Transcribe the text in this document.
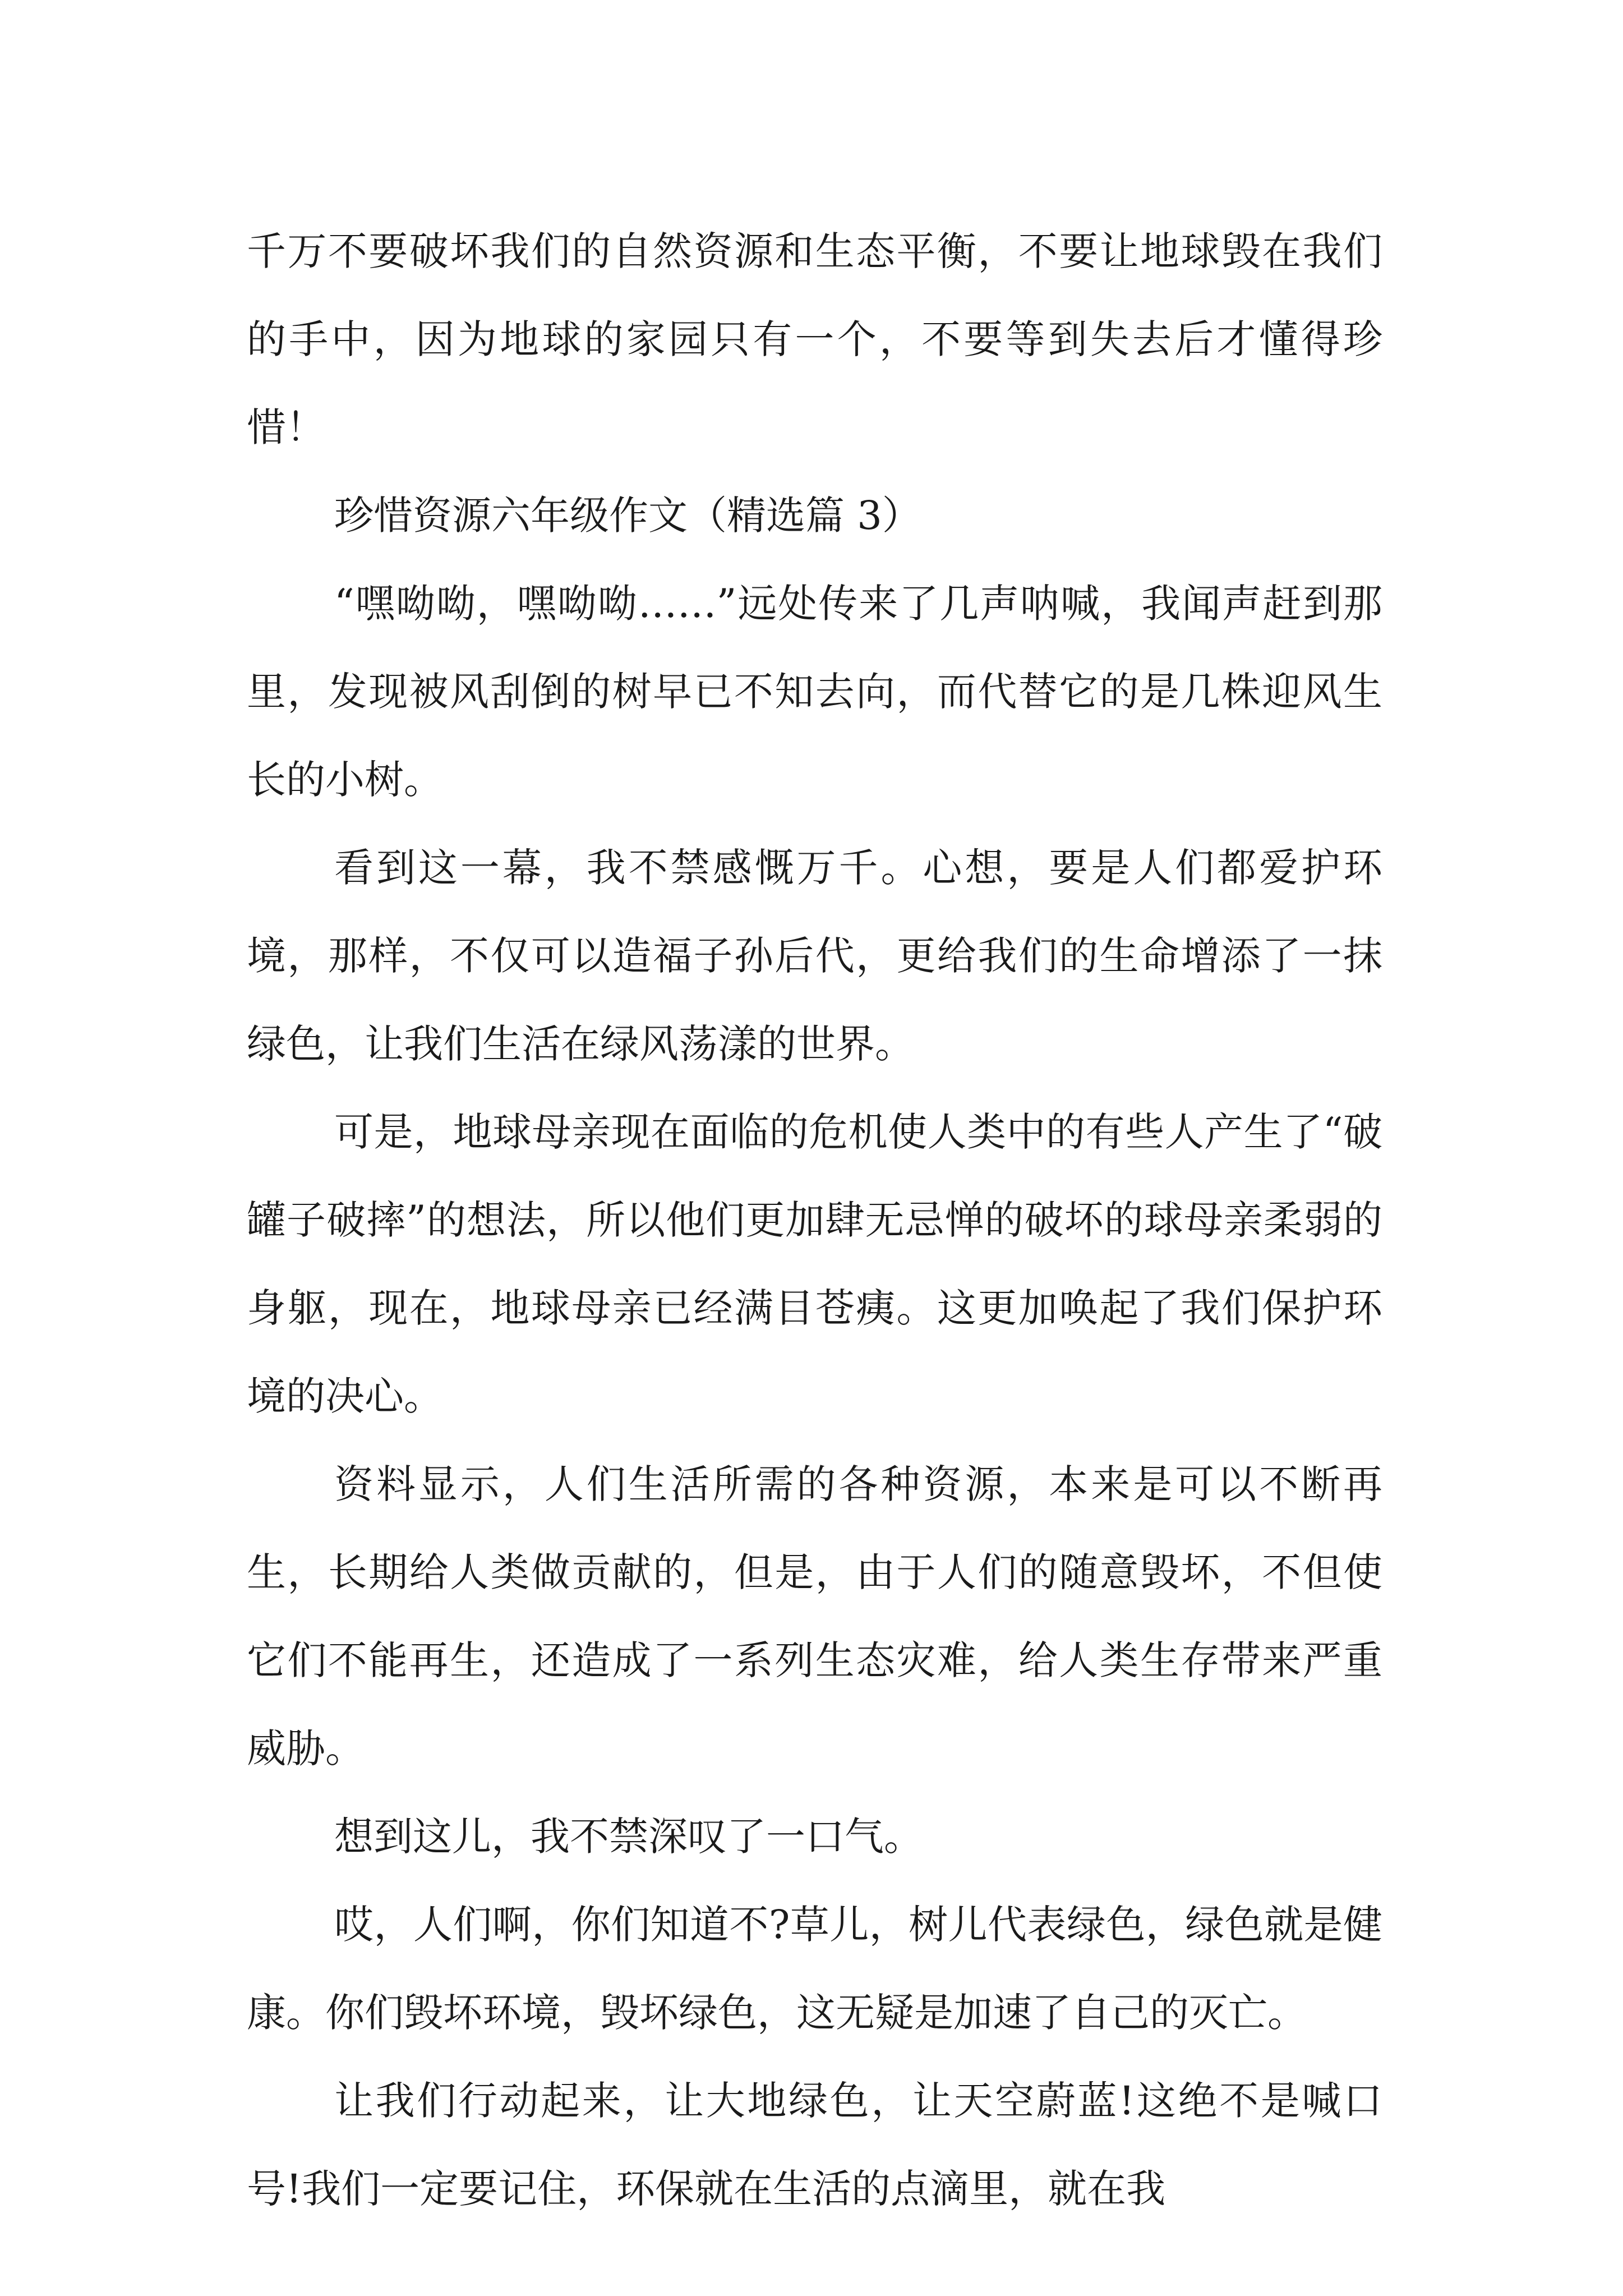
千万不要破坏我们的自然资源和生态平衡，不要让地球毁在我们的手中，因为地球的家园只有一个，不要等到失去后才懂得珍惜！

珍惜资源六年级作文（精选篇 3）

“嘿呦呦，嘿呦呦……”远处传来了几声呐喊，我闻声赶到那里，发现被风刮倒的树早已不知去向，而代替它的是几株迎风生长的小树。

看到这一幕，我不禁感慨万千。心想，要是人们都爱护环境，那样，不仅可以造福子孙后代，更给我们的生命增添了一抹绿色，让我们生活在绿风荡漾的世界。

可是，地球母亲现在面临的危机使人类中的有些人产生了“破罐子破摔”的想法，所以他们更加肆无忌惮的破坏的球母亲柔弱的身躯，现在，地球母亲已经满目苍痍。这更加唤起了我们保护环境的决心。

资料显示，人们生活所需的各种资源，本来是可以不断再生，长期给人类做贡献的，但是，由于人们的随意毁坏，不但使它们不能再生，还造成了一系列生态灾难，给人类生存带来严重威胁。

想到这儿，我不禁深叹了一口气。

哎，人们啊，你们知道不?草儿，树儿代表绿色，绿色就是健康。你们毁坏环境，毁坏绿色，这无疑是加速了自己的灭亡。

让我们行动起来，让大地绿色，让天空蔚蓝!这绝不是喊口号!我们一定要记住，环保就在生活的点滴里，就在我
